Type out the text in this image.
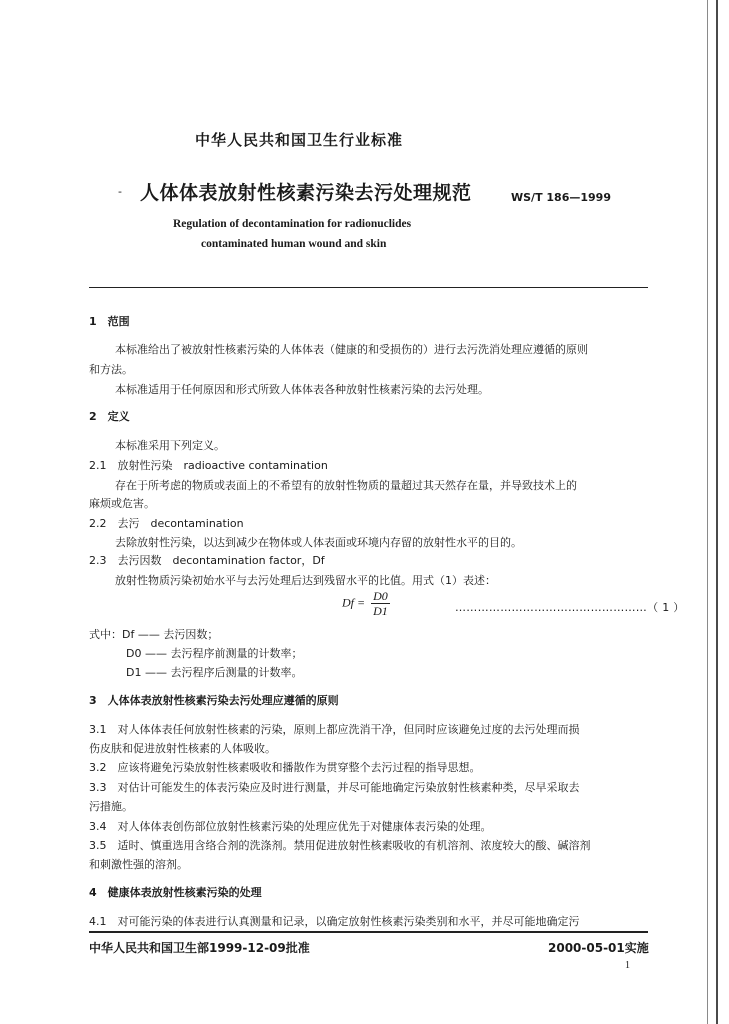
中华人民共和国卫生行业标准
- 人体体表放射性核素污染去污处理规范	WS/T 186—1999
Regulation of decontamination for radionuclides
contaminated human wound and skin
1　范围
本标准给出了被放射性核素污染的人体体表（健康的和受损伤的）进行去污洗消处理应遵循的原则
和方法。
本标准适用于任何原因和形式所致人体体表各种放射性核素污染的去污处理。
2　定义
本标准采用下列定义。
2.1　放射性污染　radioactive contamination
存在于所考虑的物质或表面上的不希望有的放射性物质的量超过其天然存在量，并导致技术上的
麻烦或危害。
2.2　去污　decontamination
去除放射性污染，以达到减少在物体或人体表面或环境内存留的放射性水平的目的。
2.3　去污因数　decontamination factor，Df
放射性物质污染初始水平与去污处理后达到残留水平的比值。用式（1）表述：
$Df = \frac{D0}{D1}$	……………………………………………（ 1 ）
式中：Df —— 去污因数；
D0 —— 去污程序前测量的计数率；
D1 —— 去污程序后测量的计数率。
3　人体体表放射性核素污染去污处理应遵循的原则
3.1　对人体体表任何放射性核素的污染，原则上都应洗消干净，但同时应该避免过度的去污处理而损
伤皮肤和促进放射性核素的人体吸收。
3.2　应该将避免污染放射性核素吸收和播散作为贯穿整个去污过程的指导思想。
3.3　对估计可能发生的体表污染应及时进行测量，并尽可能地确定污染放射性核素种类，尽早采取去
污措施。
3.4　对人体体表创伤部位放射性核素污染的处理应优先于对健康体表污染的处理。
3.5　适时、慎重选用含络合剂的洗涤剂。禁用促进放射性核素吸收的有机溶剂、浓度较大的酸、碱溶剂
和刺激性强的溶剂。
4　健康体表放射性核素污染的处理
4.1　对可能污染的体表进行认真测量和记录，以确定放射性核素污染类别和水平，并尽可能地确定污
中华人民共和国卫生部1999-12-09批准	2000-05-01实施
1
